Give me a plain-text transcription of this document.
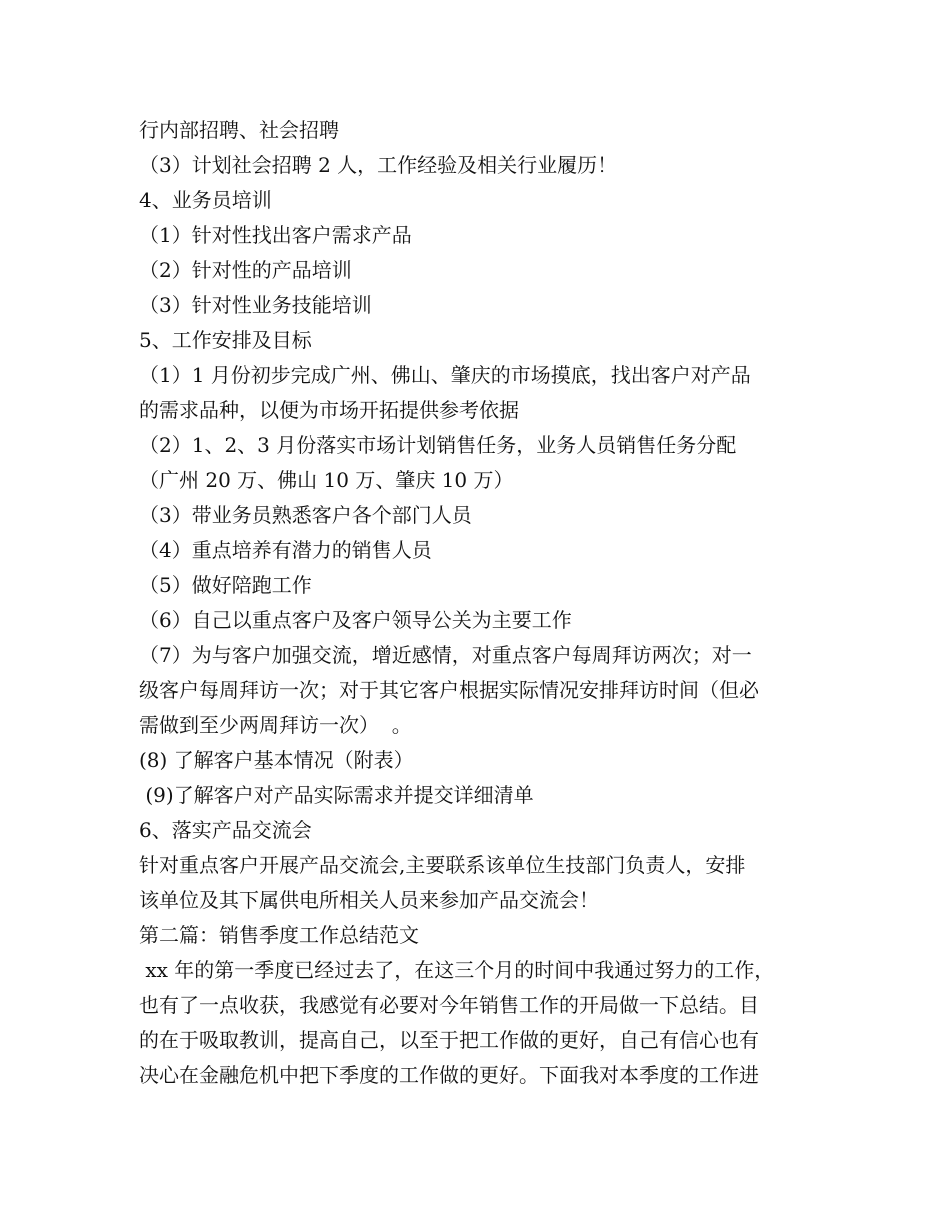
行内部招聘、社会招聘
（3）计划社会招聘 2 人，工作经验及相关行业履历！
4、业务员培训
（1）针对性找出客户需求产品
（2）针对性的产品培训
（3）针对性业务技能培训
5、工作安排及目标
（1）1 月份初步完成广州、佛山、肇庆的市场摸底，找出客户对产品
的需求品种，以便为市场开拓提供参考依据
（2）1、2、3 月份落实市场计划销售任务，业务人员销售任务分配
（广州 20 万、佛山 10 万、肇庆 10 万）
（3）带业务员熟悉客户各个部门人员
（4）重点培养有潜力的销售人员
（5）做好陪跑工作
（6）自己以重点客户及客户领导公关为主要工作
（7）为与客户加强交流，增近感情，对重点客户每周拜访两次；对一
级客户每周拜访一次；对于其它客户根据实际情况安排拜访时间（但必
需做到至少两周拜访一次）  。
(8) 了解客户基本情况（附表）
(9)了解客户对产品实际需求并提交详细清单
6、落实产品交流会
针对重点客户开展产品交流会,主要联系该单位生技部门负责人，安排
该单位及其下属供电所相关人员来参加产品交流会！
第二篇：销售季度工作总结范文
xx 年的第一季度已经过去了，在这三个月的时间中我通过努力的工作，
也有了一点收获，我感觉有必要对今年销售工作的开局做一下总结。目
的在于吸取教训，提高自己，以至于把工作做的更好，自己有信心也有
决心在金融危机中把下季度的工作做的更好。下面我对本季度的工作进
